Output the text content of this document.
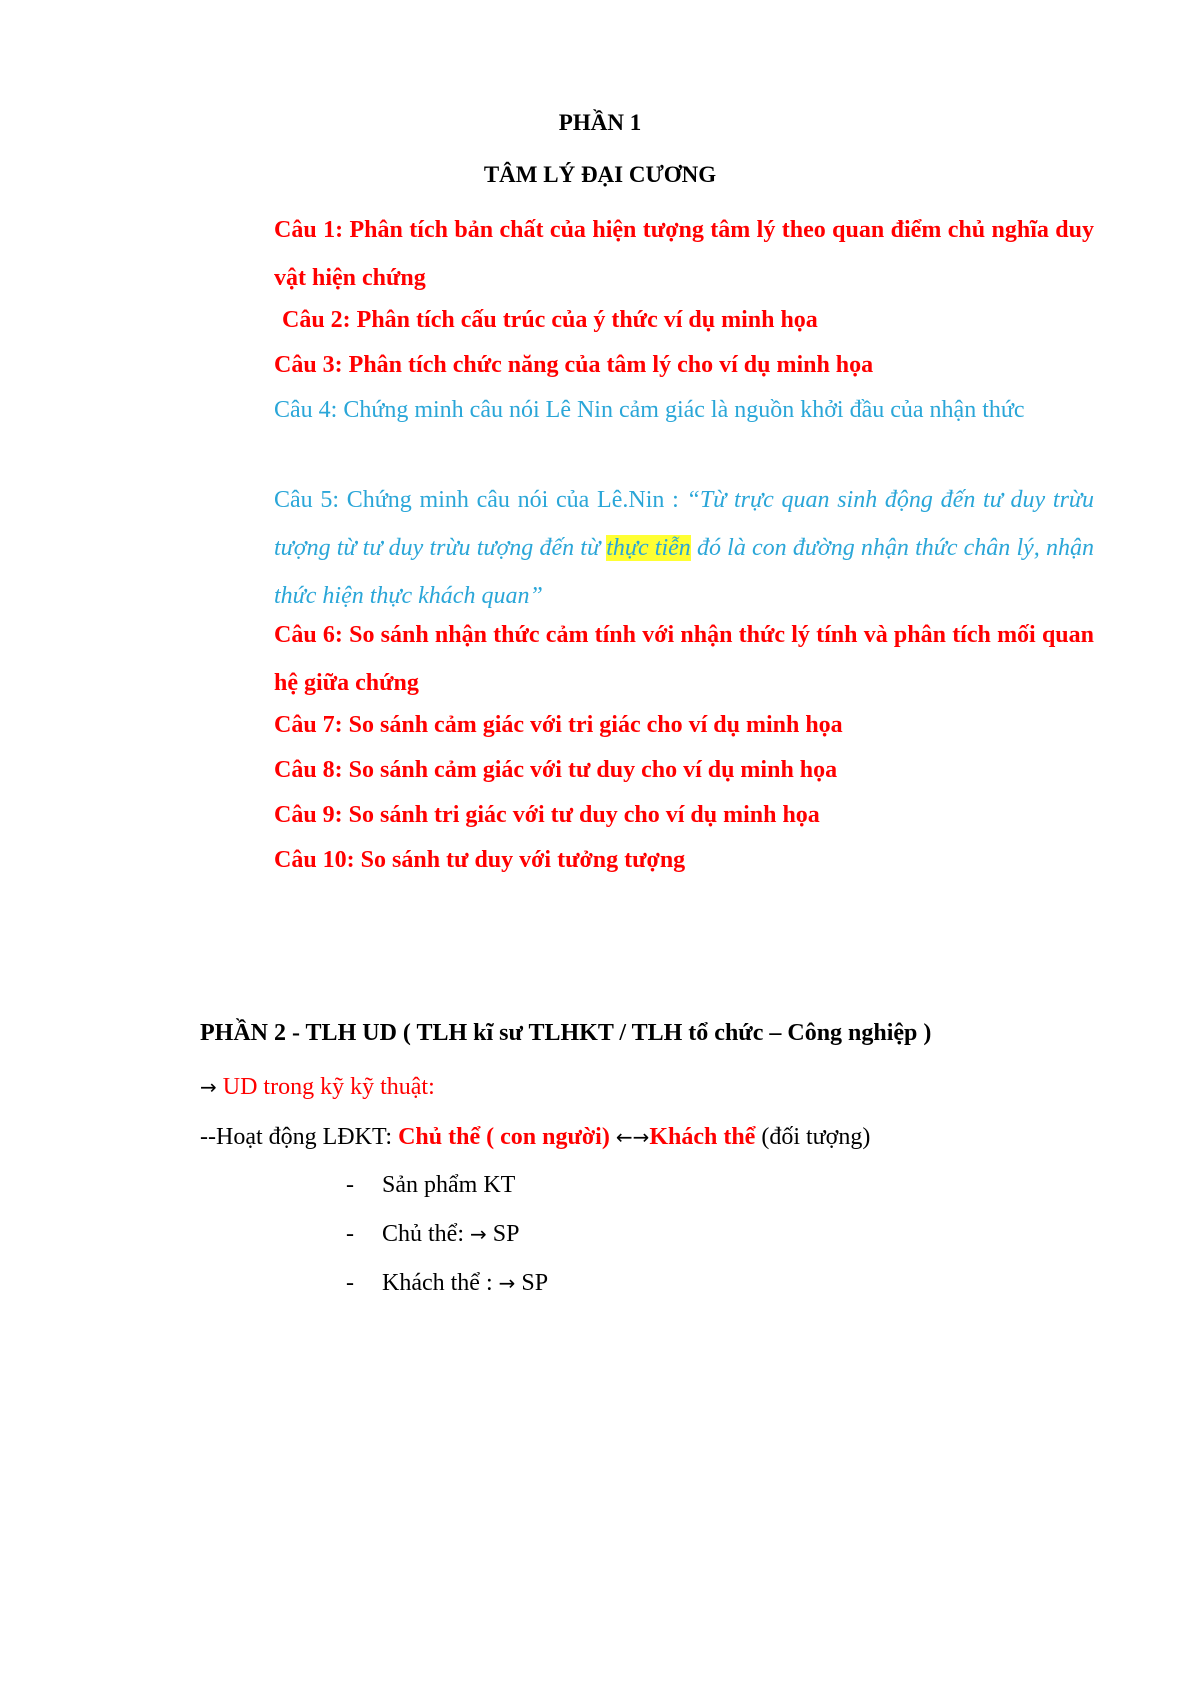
PHẦN 1
TÂM LÝ ĐẠI CƯƠNG
Câu 1: Phân tích bản chất của hiện tượng tâm lý theo quan điểm chủ nghĩa duy vật hiện chứng
Câu 2: Phân tích cấu trúc của ý thức ví dụ minh họa
Câu 3: Phân tích chức năng của tâm lý cho ví dụ minh họa
Câu 4: Chứng minh câu nói Lê Nin cảm giác là nguồn khởi đầu của nhận thức
Câu 5: Chứng minh câu nói của Lê.Nin : “Từ trực quan sinh động đến tư duy trừu tượng từ tư duy trừu tượng đến từ thực tiễn đó là con đường nhận thức chân lý, nhận thức hiện thực khách quan”
Câu 6: So sánh nhận thức cảm tính với nhận thức lý tính và phân tích mối quan hệ giữa chứng
Câu 7: So sánh cảm giác với tri giác cho ví dụ minh họa
Câu 8: So sánh cảm giác với tư duy cho ví dụ minh họa
Câu 9: So sánh tri giác với tư duy cho ví dụ minh họa
Câu 10: So sánh tư duy với tưởng tượng
PHẦN 2 - TLH UD ( TLH kĩ sư TLHKT / TLH tổ chức – Công nghiệp )
→ UD trong kỹ kỹ thuật:
--Hoạt động LĐKT: Chủ thể ( con người) ←→Khách thể (đối tượng)
- Sản phẩm KT
- Chủ thể: → SP
- Khách thể : → SP
